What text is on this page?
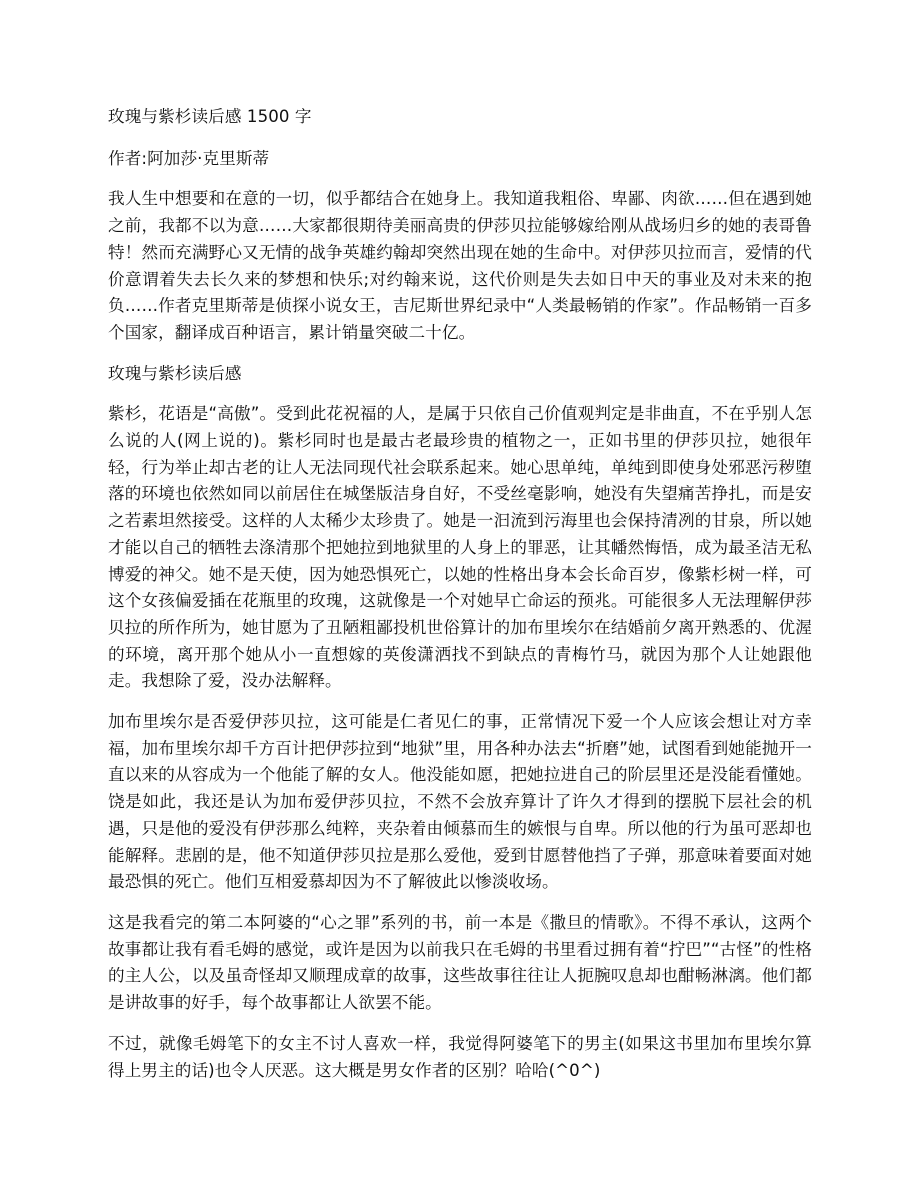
玫瑰与紫杉读后感 1500 字

作者:阿加莎·克里斯蒂

我人生中想要和在意的一切，似乎都结合在她身上。我知道我粗俗、卑鄙、肉欲……但在遇到她之前，我都不以为意……大家都很期待美丽高贵的伊莎贝拉能够嫁给刚从战场归乡的她的表哥鲁特！然而充满野心又无情的战争英雄约翰却突然出现在她的生命中。对伊莎贝拉而言，爱情的代价意谓着失去长久来的梦想和快乐;对约翰来说，这代价则是失去如日中天的事业及对未来的抱负……作者克里斯蒂是侦探小说女王，吉尼斯世界纪录中“人类最畅销的作家”。作品畅销一百多个国家，翻译成百种语言，累计销量突破二十亿。

玫瑰与紫杉读后感

紫杉，花语是“高傲”。受到此花祝福的人，是属于只依自己价值观判定是非曲直，不在乎别人怎么说的人(网上说的)。紫杉同时也是最古老最珍贵的植物之一，正如书里的伊莎贝拉，她很年轻，行为举止却古老的让人无法同现代社会联系起来。她心思单纯，单纯到即使身处邪恶污秽堕落的环境也依然如同以前居住在城堡版洁身自好，不受丝毫影响，她没有失望痛苦挣扎，而是安之若素坦然接受。这样的人太稀少太珍贵了。她是一汩流到污海里也会保持清冽的甘泉，所以她才能以自己的牺牲去涤清那个把她拉到地狱里的人身上的罪恶，让其幡然悔悟，成为最圣洁无私博爱的神父。她不是天使，因为她恐惧死亡，以她的性格出身本会长命百岁，像紫杉树一样，可这个女孩偏爱插在花瓶里的玫瑰，这就像是一个对她早亡命运的预兆。可能很多人无法理解伊莎贝拉的所作所为，她甘愿为了丑陋粗鄙投机世俗算计的加布里埃尔在结婚前夕离开熟悉的、优渥的环境，离开那个她从小一直想嫁的英俊潇洒找不到缺点的青梅竹马，就因为那个人让她跟他走。我想除了爱，没办法解释。

加布里埃尔是否爱伊莎贝拉，这可能是仁者见仁的事，正常情况下爱一个人应该会想让对方幸福，加布里埃尔却千方百计把伊莎拉到“地狱”里，用各种办法去“折磨”她，试图看到她能抛开一直以来的从容成为一个他能了解的女人。他没能如愿，把她拉进自己的阶层里还是没能看懂她。饶是如此，我还是认为加布爱伊莎贝拉，不然不会放弃算计了许久才得到的摆脱下层社会的机遇，只是他的爱没有伊莎那么纯粹，夹杂着由倾慕而生的嫉恨与自卑。所以他的行为虽可恶却也能解释。悲剧的是，他不知道伊莎贝拉是那么爱他，爱到甘愿替他挡了子弹，那意味着要面对她最恐惧的死亡。他们互相爱慕却因为不了解彼此以惨淡收场。

这是我看完的第二本阿婆的“心之罪”系列的书，前一本是《撒旦的情歌》。不得不承认，这两个故事都让我有看毛姆的感觉，或许是因为以前我只在毛姆的书里看过拥有着“拧巴”“古怪”的性格的主人公，以及虽奇怪却又顺理成章的故事，这些故事往往让人扼腕叹息却也酣畅淋漓。他们都是讲故事的好手，每个故事都让人欲罢不能。

不过，就像毛姆笔下的女主不讨人喜欢一样，我觉得阿婆笔下的男主(如果这书里加布里埃尔算得上男主的话)也令人厌恶。这大概是男女作者的区别？哈哈(^0^)
